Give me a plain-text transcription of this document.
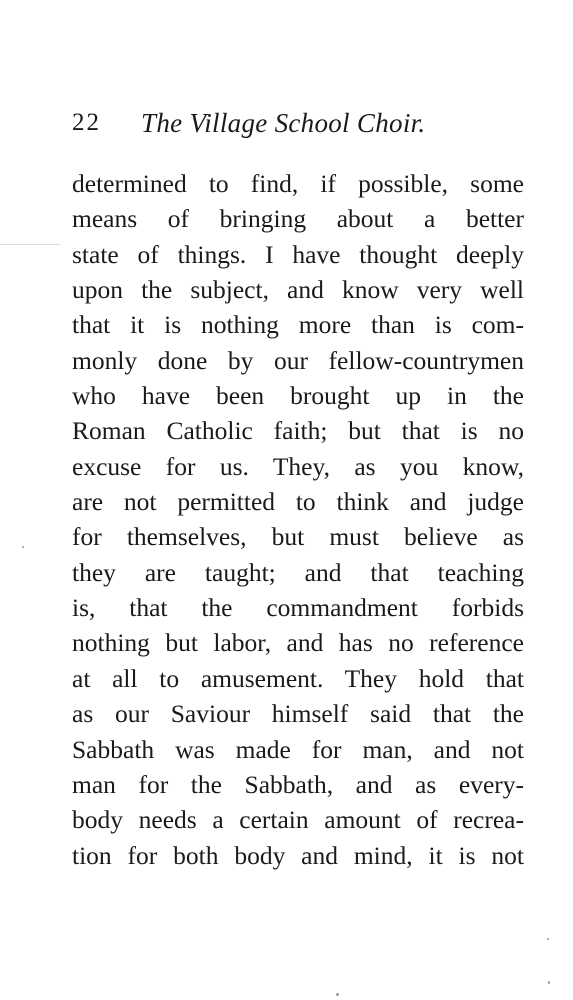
22 The Village School Choir.
determined to find, if possible, some
means of bringing about a better
state of things. I have thought deeply
upon the subject, and know very well
that it is nothing more than is com-
monly done by our fellow-countrymen
who have been brought up in the
Roman Catholic faith; but that is no
excuse for us. They, as you know,
are not permitted to think and judge
for themselves, but must believe as
they are taught; and that teaching
is, that the commandment forbids
nothing but labor, and has no reference
at all to amusement. They hold that
as our Saviour himself said that the
Sabbath was made for man, and not
man for the Sabbath, and as every-
body needs a certain amount of recrea-
tion for both body and mind, it is not
